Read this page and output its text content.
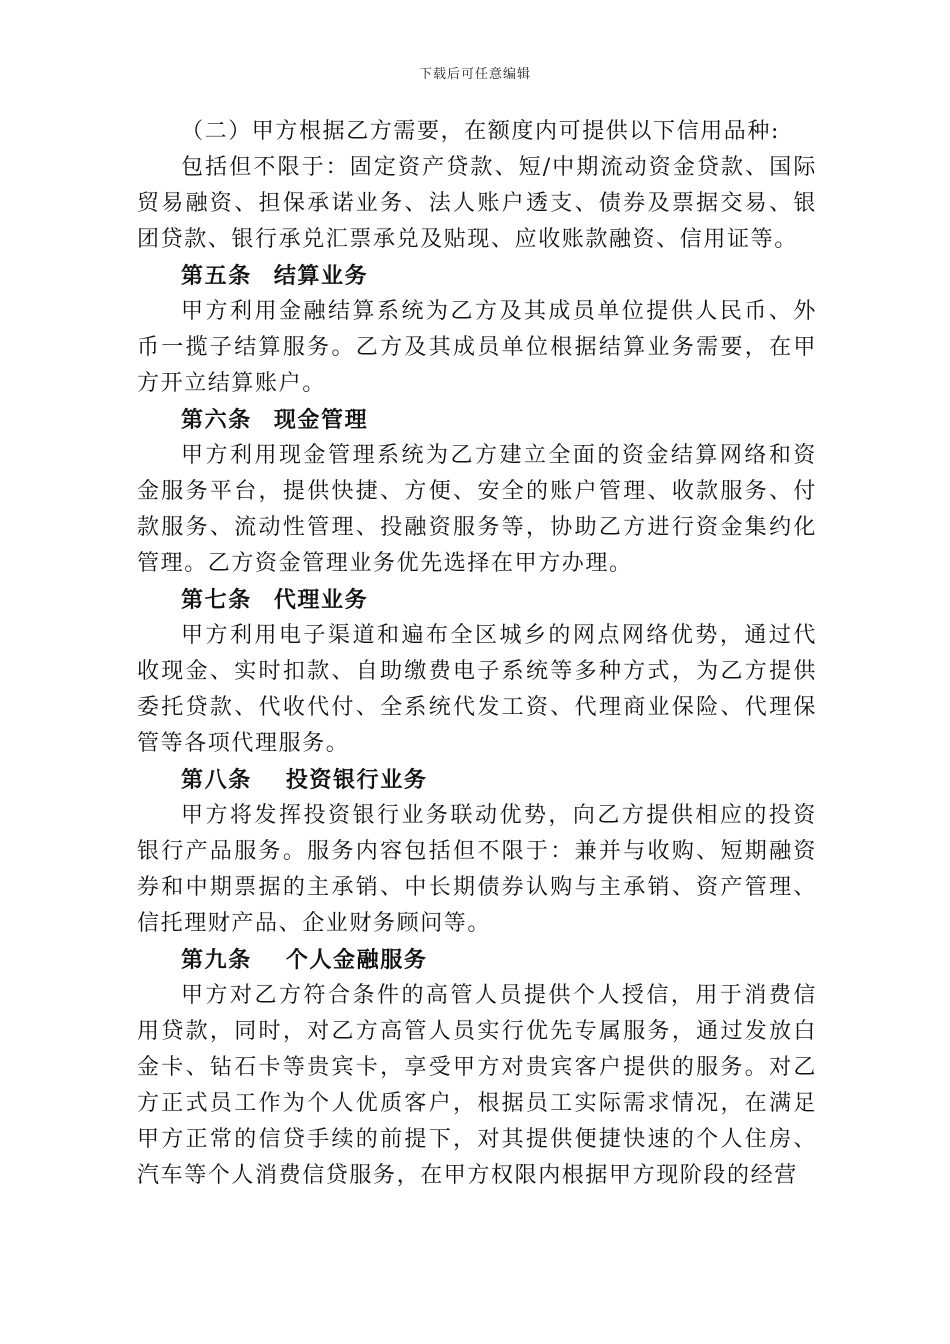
下载后可任意编辑

（二）甲方根据乙方需要，在额度内可提供以下信用品种:

包括但不限于：固定资产贷款、短/中期流动资金贷款、国际贸易融资、担保承诺业务、法人账户透支、债券及票据交易、银团贷款、银行承兑汇票承兑及贴现、应收账款融资、信用证等。

第五条 结算业务

甲方利用金融结算系统为乙方及其成员单位提供人民币、外币一揽子结算服务。乙方及其成员单位根据结算业务需要，在甲方开立结算账户。

第六条 现金管理

甲方利用现金管理系统为乙方建立全面的资金结算网络和资金服务平台，提供快捷、方便、安全的账户管理、收款服务、付款服务、流动性管理、投融资服务等，协助乙方进行资金集约化管理。乙方资金管理业务优先选择在甲方办理。

第七条 代理业务

甲方利用电子渠道和遍布全区城乡的网点网络优势，通过代收现金、实时扣款、自助缴费电子系统等多种方式，为乙方提供委托贷款、代收代付、全系统代发工资、代理商业保险、代理保管等各项代理服务。

第八条 投资银行业务

甲方将发挥投资银行业务联动优势，向乙方提供相应的投资银行产品服务。服务内容包括但不限于：兼并与收购、短期融资券和中期票据的主承销、中长期债券认购与主承销、资产管理、信托理财产品、企业财务顾问等。

第九条 个人金融服务

甲方对乙方符合条件的高管人员提供个人授信，用于消费信用贷款，同时，对乙方高管人员实行优先专属服务，通过发放白金卡、钻石卡等贵宾卡，享受甲方对贵宾客户提供的服务。对乙方正式员工作为个人优质客户，根据员工实际需求情况，在满足甲方正常的信贷手续的前提下，对其提供便捷快速的个人住房、汽车等个人消费信贷服务，在甲方权限内根据甲方现阶段的经营
